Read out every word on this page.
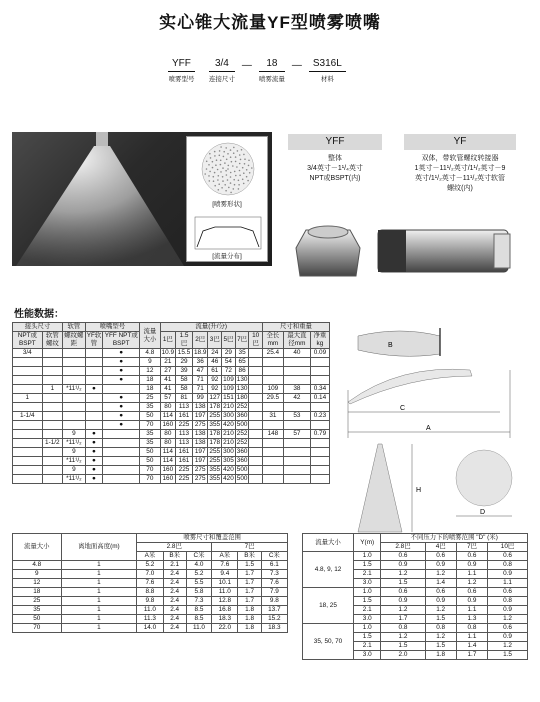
实心锥大流量YF型喷雾喷嘴
YFF
喷雾型号
3/4
连接尺寸
—	18
喷雾流量
—	S316L
材料
[喷雾形状]
[流量分布]
YFF
整体
3/4英寸－1¹/₄英寸
NPT或BSPT(内)
YF
双体，带软管螺纹转接器
1英寸－11¹/₂英寸/1¹/₂英寸－9
英寸/1¹/₂英寸－11¹/₂英寸软管
螺纹(内)
性能数据：
接头尺寸		软管	喷嘴型号		流量大小	流量(升/分)							尺寸和重量		
NPT或BSPT	软管螺纹	螺纹螺距	YF软管	YFF NPT或BSPT		1巴	1.5巴	2巴	3巴	5巴	7巴	10巴	全长mm	最大直径mm	净重kg
3/4				●	4.8	10.9	15.5	18.9	24	29	35		25.4	40	0.09
				●	9	21	29	36	46	54	65				
				●	12	27	39	47	61	72	86				
				●	18	41	58	71	92	109	130				
	1	*11¹/₂	●		18	41	58	71	92	109	130		109	38	0.34
1				●	25	57	81	99	127	151	180		29.5	42	0.14
				●	35	80	113	138	178	210	252				
1-1/4				●	50	114	161	197	255	300	360		31	53	0.23
				●	70	160	225	275	355	420	500				
		9	●		35	80	113	138	178	210	252		148	57	0.79
	1-1/2	*11¹/₂	●		35	80	113	138	178	210	252				
		9	●		50	114	161	197	255	300	360				
		*11¹/₂	●		50	114	161	197	255	305	360				
		9	●		70	160	225	275	355	420	500				
		*11¹/₂	●		70	160	225	275	355	420	500				
B
C
A
H
D
流量大小	离地面高度(m)	喷雾尺寸和覆盖范围					
		2.8巴			7巴		
		A米	B米	C米	A米	B米	C米
4.8	1	5.2	2.1	4.0	7.6	1.5	6.1
9	1	7.0	2.4	5.2	9.4	1.7	7.3
12	1	7.6	2.4	5.5	10.1	1.7	7.6
18	1	8.8	2.4	5.8	11.0	1.7	7.9
25	1	9.8	2.4	7.3	12.8	1.7	9.8
35	1	11.0	2.4	8.5	16.8	1.8	13.7
50	1	11.3	2.4	8.5	18.3	1.8	15.2
70	1	14.0	2.4	11.0	22.0	1.8	18.3
流量大小	Y(m)	不同压力下的喷雾范围 "D" (米)			
		2.8巴	4巴	7巴	10巴
4.8, 9, 12	1.0	0.6	0.6	0.6	0.6
	1.5	0.9	0.9	0.9	0.8
	2.1	1.2	1.2	1.1	0.9
	3.0	1.5	1.4	1.2	1.1
18, 25	1.0	0.6	0.6	0.6	0.6
	1.5	0.9	0.9	0.9	0.8
	2.1	1.2	1.2	1.1	0.9
	3.0	1.7	1.5	1.3	1.2
35, 50, 70	1.0	0.8	0.8	0.8	0.6
	1.5	1.2	1.2	1.1	0.9
	2.1	1.5	1.5	1.4	1.2
	3.0	2.0	1.8	1.7	1.5
